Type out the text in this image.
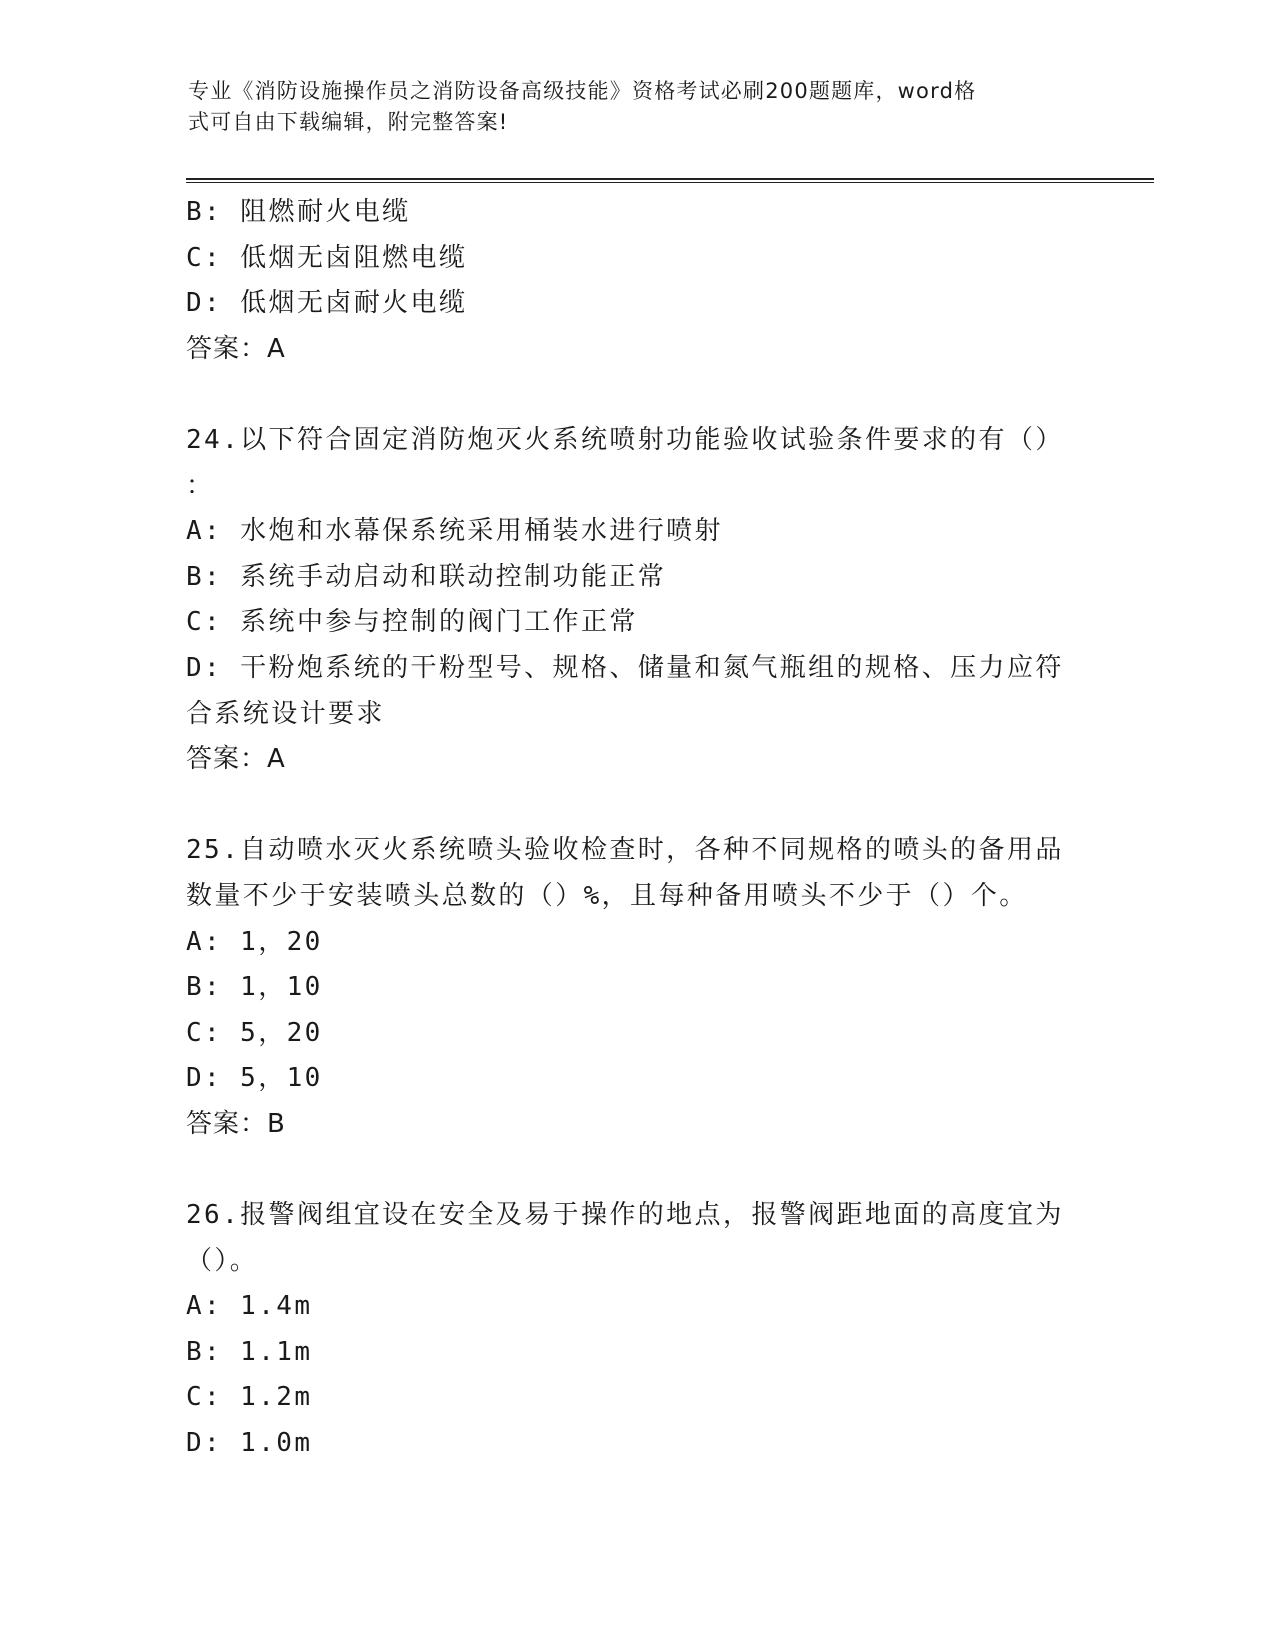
专业《消防设施操作员之消防设备高级技能》资格考试必刷200题题库，word格
式可自由下载编辑，附完整答案!
B: 阻燃耐火电缆
C: 低烟无卤阻燃电缆
D: 低烟无卤耐火电缆
答案：A
24.以下符合固定消防炮灭火系统喷射功能验收试验条件要求的有（）
：
A: 水炮和水幕保系统采用桶装水进行喷射
B: 系统手动启动和联动控制功能正常
C: 系统中参与控制的阀门工作正常
D: 干粉炮系统的干粉型号、规格、储量和氮气瓶组的规格、压力应符
合系统设计要求
答案：A
25.自动喷水灭火系统喷头验收检查时，各种不同规格的喷头的备用品
数量不少于安装喷头总数的（）%，且每种备用喷头不少于（）个。
A: 1，20
B: 1，10
C: 5，20
D: 5，10
答案：B
26.报警阀组宜设在安全及易于操作的地点，报警阀距地面的高度宜为
（）。
A: 1.4m
B: 1.1m
C: 1.2m
D: 1.0m
